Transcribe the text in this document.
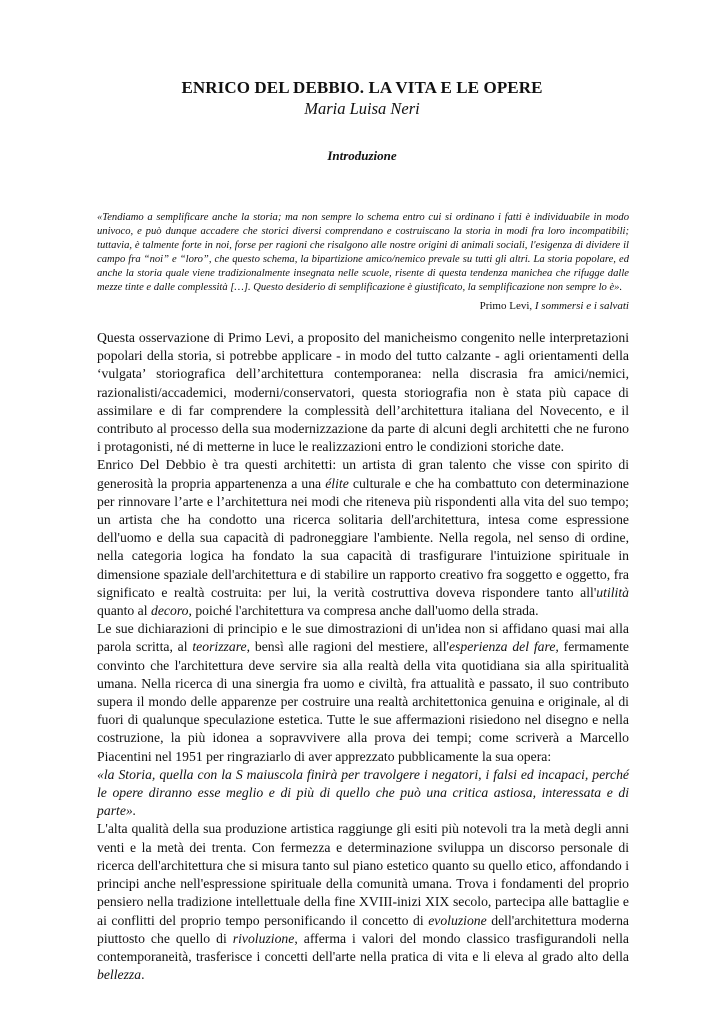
ENRICO DEL DEBBIO. LA VITA E LE OPERE
Maria Luisa Neri
Introduzione
«Tendiamo a semplificare anche la storia; ma non sempre lo schema entro cui si ordinano i fatti è individuabile in modo univoco, e può dunque accadere che storici diversi comprendano e costruiscano la storia in modi fra loro incompatibili; tuttavia, è talmente forte in noi, forse per ragioni che risalgono alle nostre origini di animali sociali, l'esigenza di dividere il campo fra “noi” e “loro”, che questo schema, la bipartizione amico/nemico prevale su tutti gli altri. La storia popolare, ed anche la storia quale viene tradizionalmente insegnata nelle scuole, risente di questa tendenza manichea che rifugge dalle mezze tinte e dalle complessità […]. Questo desiderio di semplificazione è giustificato, la semplificazione non sempre lo è».
Primo Levi, I sommersi e i salvati

Questa osservazione di Primo Levi, a proposito del manicheismo congenito nelle interpretazioni popolari della storia, si potrebbe applicare - in modo del tutto calzante - agli orientamenti della ‘vulgata’ storiografica dell’architettura contemporanea: nella discrasia fra amici/nemici, razionalisti/accademici, moderni/conservatori, questa storiografia non è stata più capace di assimilare e di far comprendere la complessità dell’architettura italiana del Novecento, e il contributo al processo della sua modernizzazione da parte di alcuni degli architetti che ne furono i protagonisti, né di metterne in luce le realizzazioni entro le condizioni storiche date.

Enrico Del Debbio è tra questi architetti: un artista di gran talento che visse con spirito di generosità la propria appartenenza a una élite culturale e che ha combattuto con determinazione per rinnovare l’arte e l’architettura nei modi che riteneva più rispondenti alla vita del suo tempo; un artista che ha condotto una ricerca solitaria dell'architettura, intesa come espressione dell'uomo e della sua capacità di padroneggiare l'ambiente. Nella regola, nel senso di ordine, nella categoria logica ha fondato la sua capacità di trasfigurare l'intuizione spirituale in dimensione spaziale dell'architettura e di stabilire un rapporto creativo fra soggetto e oggetto, fra significato e realtà costruita: per lui, la verità costruttiva doveva rispondere tanto all'utilità quanto al decoro, poiché l'architettura va compresa anche dall'uomo della strada.

Le sue dichiarazioni di principio e le sue dimostrazioni di un'idea non si affidano quasi mai alla parola scritta, al teorizzare, bensì alle ragioni del mestiere, all'esperienza del fare, fermamente convinto che l'architettura deve servire sia alla realtà della vita quotidiana sia alla spiritualità umana. Nella ricerca di una sinergia fra uomo e civiltà, fra attualità e passato, il suo contributo supera il mondo delle apparenze per costruire una realtà architettonica genuina e originale, al di fuori di qualunque speculazione estetica. Tutte le sue affermazioni risiedono nel disegno e nella costruzione, la più idonea a sopravvivere alla prova dei tempi; come scriverà a Marcello Piacentini nel 1951 per ringraziarlo di aver apprezzato pubblicamente la sua opera:

«la Storia, quella con la S maiuscola finirà per travolgere i negatori, i falsi ed incapaci, perché le opere diranno esse meglio e di più di quello che può una critica astiosa, interessata e di parte».

L'alta qualità della sua produzione artistica raggiunge gli esiti più notevoli tra la metà degli anni venti e la metà dei trenta. Con fermezza e determinazione sviluppa un discorso personale di ricerca dell'architettura che si misura tanto sul piano estetico quanto su quello etico, affondando i principi anche nell'espressione spirituale della comunità umana. Trova i fondamenti del proprio pensiero nella tradizione intellettuale della fine XVIII-inizi XIX secolo, partecipa alle battaglie e ai conflitti del proprio tempo personificando il concetto di evoluzione dell'architettura moderna piuttosto che quello di rivoluzione, afferma i valori del mondo classico trasfigurandoli nella contemporaneità, trasferisce i concetti dell'arte nella pratica di vita e li eleva al grado alto della bellezza.
